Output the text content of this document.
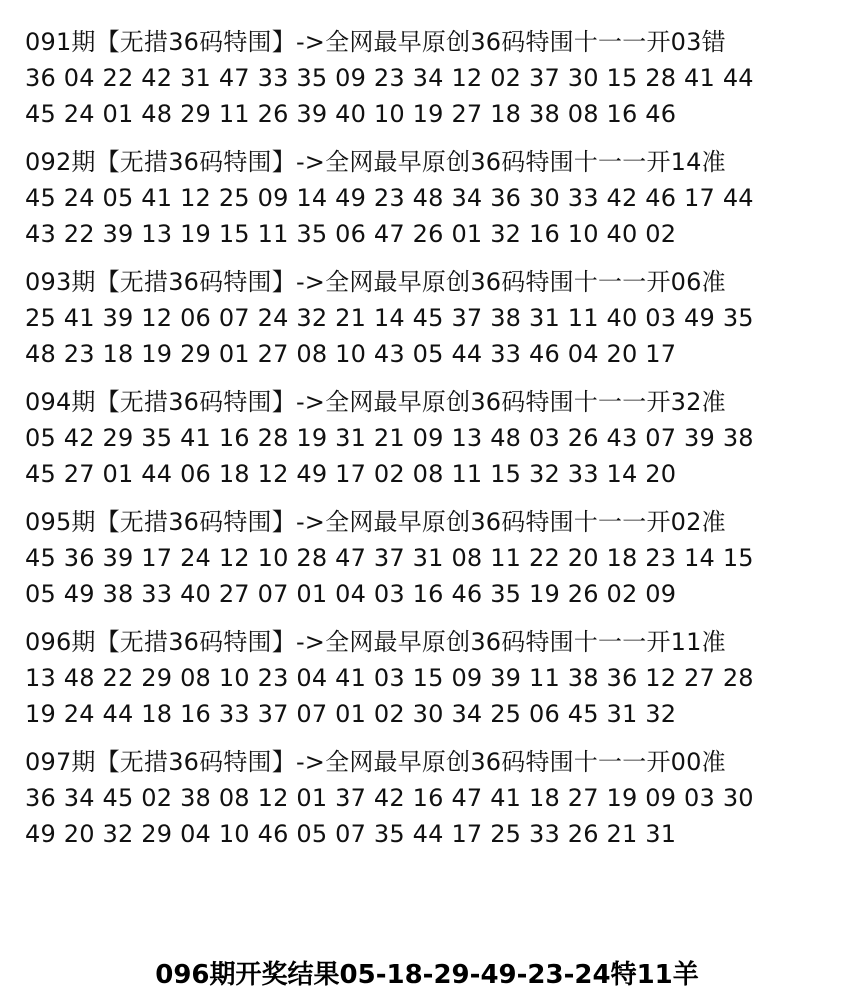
091期【无措36码特围】->全网最早原创36码特围十一一开03错
36 04 22 42 31 47 33 35 09 23 34 12 02 37 30 15 28 41 44
45 24 01 48 29 11 26 39 40 10 19 27 18 38 08 16 46
092期【无措36码特围】->全网最早原创36码特围十一一开14准
45 24 05 41 12 25 09 14 49 23 48 34 36 30 33 42 46 17 44
43 22 39 13 19 15 11 35 06 47 26 01 32 16 10 40 02
093期【无措36码特围】->全网最早原创36码特围十一一开06准
25 41 39 12 06 07 24 32 21 14 45 37 38 31 11 40 03 49 35
48 23 18 19 29 01 27 08 10 43 05 44 33 46 04 20 17
094期【无措36码特围】->全网最早原创36码特围十一一开32准
05 42 29 35 41 16 28 19 31 21 09 13 48 03 26 43 07 39 38
45 27 01 44 06 18 12 49 17 02 08 11 15 32 33 14 20
095期【无措36码特围】->全网最早原创36码特围十一一开02准
45 36 39 17 24 12 10 28 47 37 31 08 11 22 20 18 23 14 15
05 49 38 33 40 27 07 01 04 03 16 46 35 19 26 02 09
096期【无措36码特围】->全网最早原创36码特围十一一开11准
13 48 22 29 08 10 23 04 41 03 15 09 39 11 38 36 12 27 28
19 24 44 18 16 33 37 07 01 02 30 34 25 06 45 31 32
097期【无措36码特围】->全网最早原创36码特围十一一开00准
36 34 45 02 38 08 12 01 37 42 16 47 41 18 27 19 09 03 30
49 20 32 29 04 10 46 05 07 35 44 17 25 33 26 21 31
096期开奖结果05-18-29-49-23-24特11羊
